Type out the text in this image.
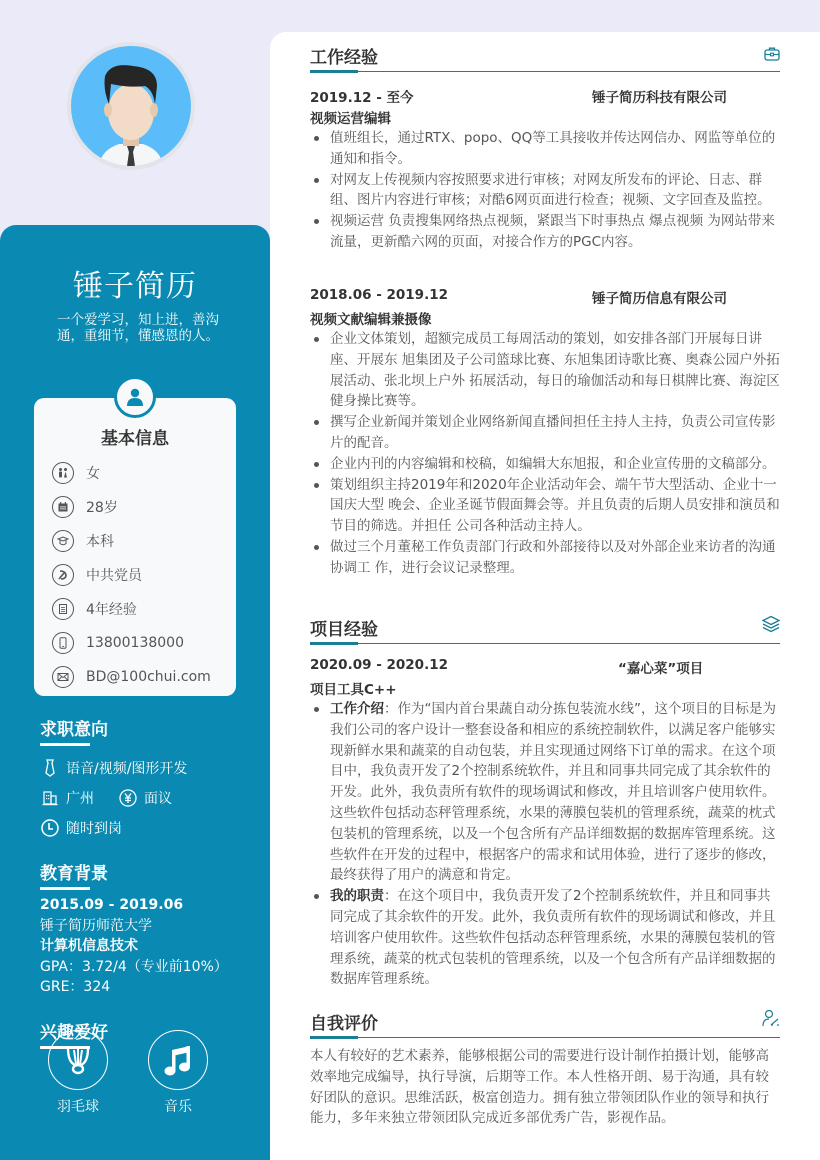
锤子简历
一个爱学习，知上进，善沟通，重细节，懂感恩的人。
基本信息
女
28岁
本科
中共党员
4年经验
13800138000
BD@100chui.com
求职意向
语音/视频/图形开发
广州	面议
随时到岗
教育背景
2015.09 - 2019.06
锤子简历师范大学
计算机信息技术
GPA：3.72/4（专业前10%）
GRE：324
兴趣爱好
羽毛球	音乐
工作经验
2019.12 - 至今	锤子简历科技有限公司
视频运营编辑
值班组长，通过RTX、popo、QQ等工具接收并传达网信办、网监等单位的通知和指令。
对网友上传视频内容按照要求进行审核；对网友所发布的评论、日志、群组、图片内容进行审核；对酷6网页面进行检查；视频、文字回查及监控。
视频运营 负责搜集网络热点视频，紧跟当下时事热点 爆点视频 为网站带来流量，更新酷六网的页面，对接合作方的PGC内容。
2018.06 - 2019.12	锤子简历信息有限公司
视频文献编辑兼摄像
企业文体策划，超额完成员工每周活动的策划，如安排各部门开展每日讲座、开展东 旭集团及子公司篮球比赛、东旭集团诗歌比赛、奥森公园户外拓展活动、张北坝上户外 拓展活动，每日的瑜伽活动和每日棋牌比赛、海淀区健身操比赛等。
撰写企业新闻并策划企业网络新闻直播间担任主持人主持，负责公司宣传影片的配音。
企业内刊的内容编辑和校稿，如编辑大东旭报，和企业宣传册的文稿部分。
策划组织主持2019年和2020年企业活动年会、端午节大型活动、企业十一国庆大型 晚会、企业圣诞节假面舞会等。并且负责的后期人员安排和演员和节目的筛选。并担任 公司各种活动主持人。
做过三个月董秘工作负责部门行政和外部接待以及对外部企业来访者的沟通协调工 作，进行会议记录整理。
项目经验
2020.09 - 2020.12	“嘉心菜”项目
项目工具C++
工作介绍：作为“国内首台果蔬自动分拣包装流水线”，这个项目的目标是为我们公司的客户设计一整套设备和相应的系统控制软件，以满足客户能够实现新鲜水果和蔬菜的自动包装，并且实现通过网络下订单的需求。在这个项目中，我负责开发了2个控制系统软件，并且和同事共同完成了其余软件的开发。此外，我负责所有软件的现场调试和修改，并且培训客户使用软件。这些软件包括动态秤管理系统，水果的薄膜包装机的管理系统，蔬菜的枕式包装机的管理系统，以及一个包含所有产品详细数据的数据库管理系统。这些软件在开发的过程中，根据客户的需求和试用体验，进行了逐步的修改，最终获得了用户的满意和肯定。
我的职责：在这个项目中，我负责开发了2个控制系统软件，并且和同事共同完成了其余软件的开发。此外，我负责所有软件的现场调试和修改，并且培训客户使用软件。这些软件包括动态秤管理系统，水果的薄膜包装机的管理系统，蔬菜的枕式包装机的管理系统，以及一个包含所有产品详细数据的数据库管理系统。
自我评价
本人有较好的艺术素养，能够根据公司的需要进行设计制作拍摄计划，能够高效率地完成编导，执行导演，后期等工作。本人性格开朗、易于沟通，具有较好团队的意识。思维活跃，极富创造力。拥有独立带领团队作业的领导和执行能力，多年来独立带领团队完成近多部优秀广告，影视作品。
